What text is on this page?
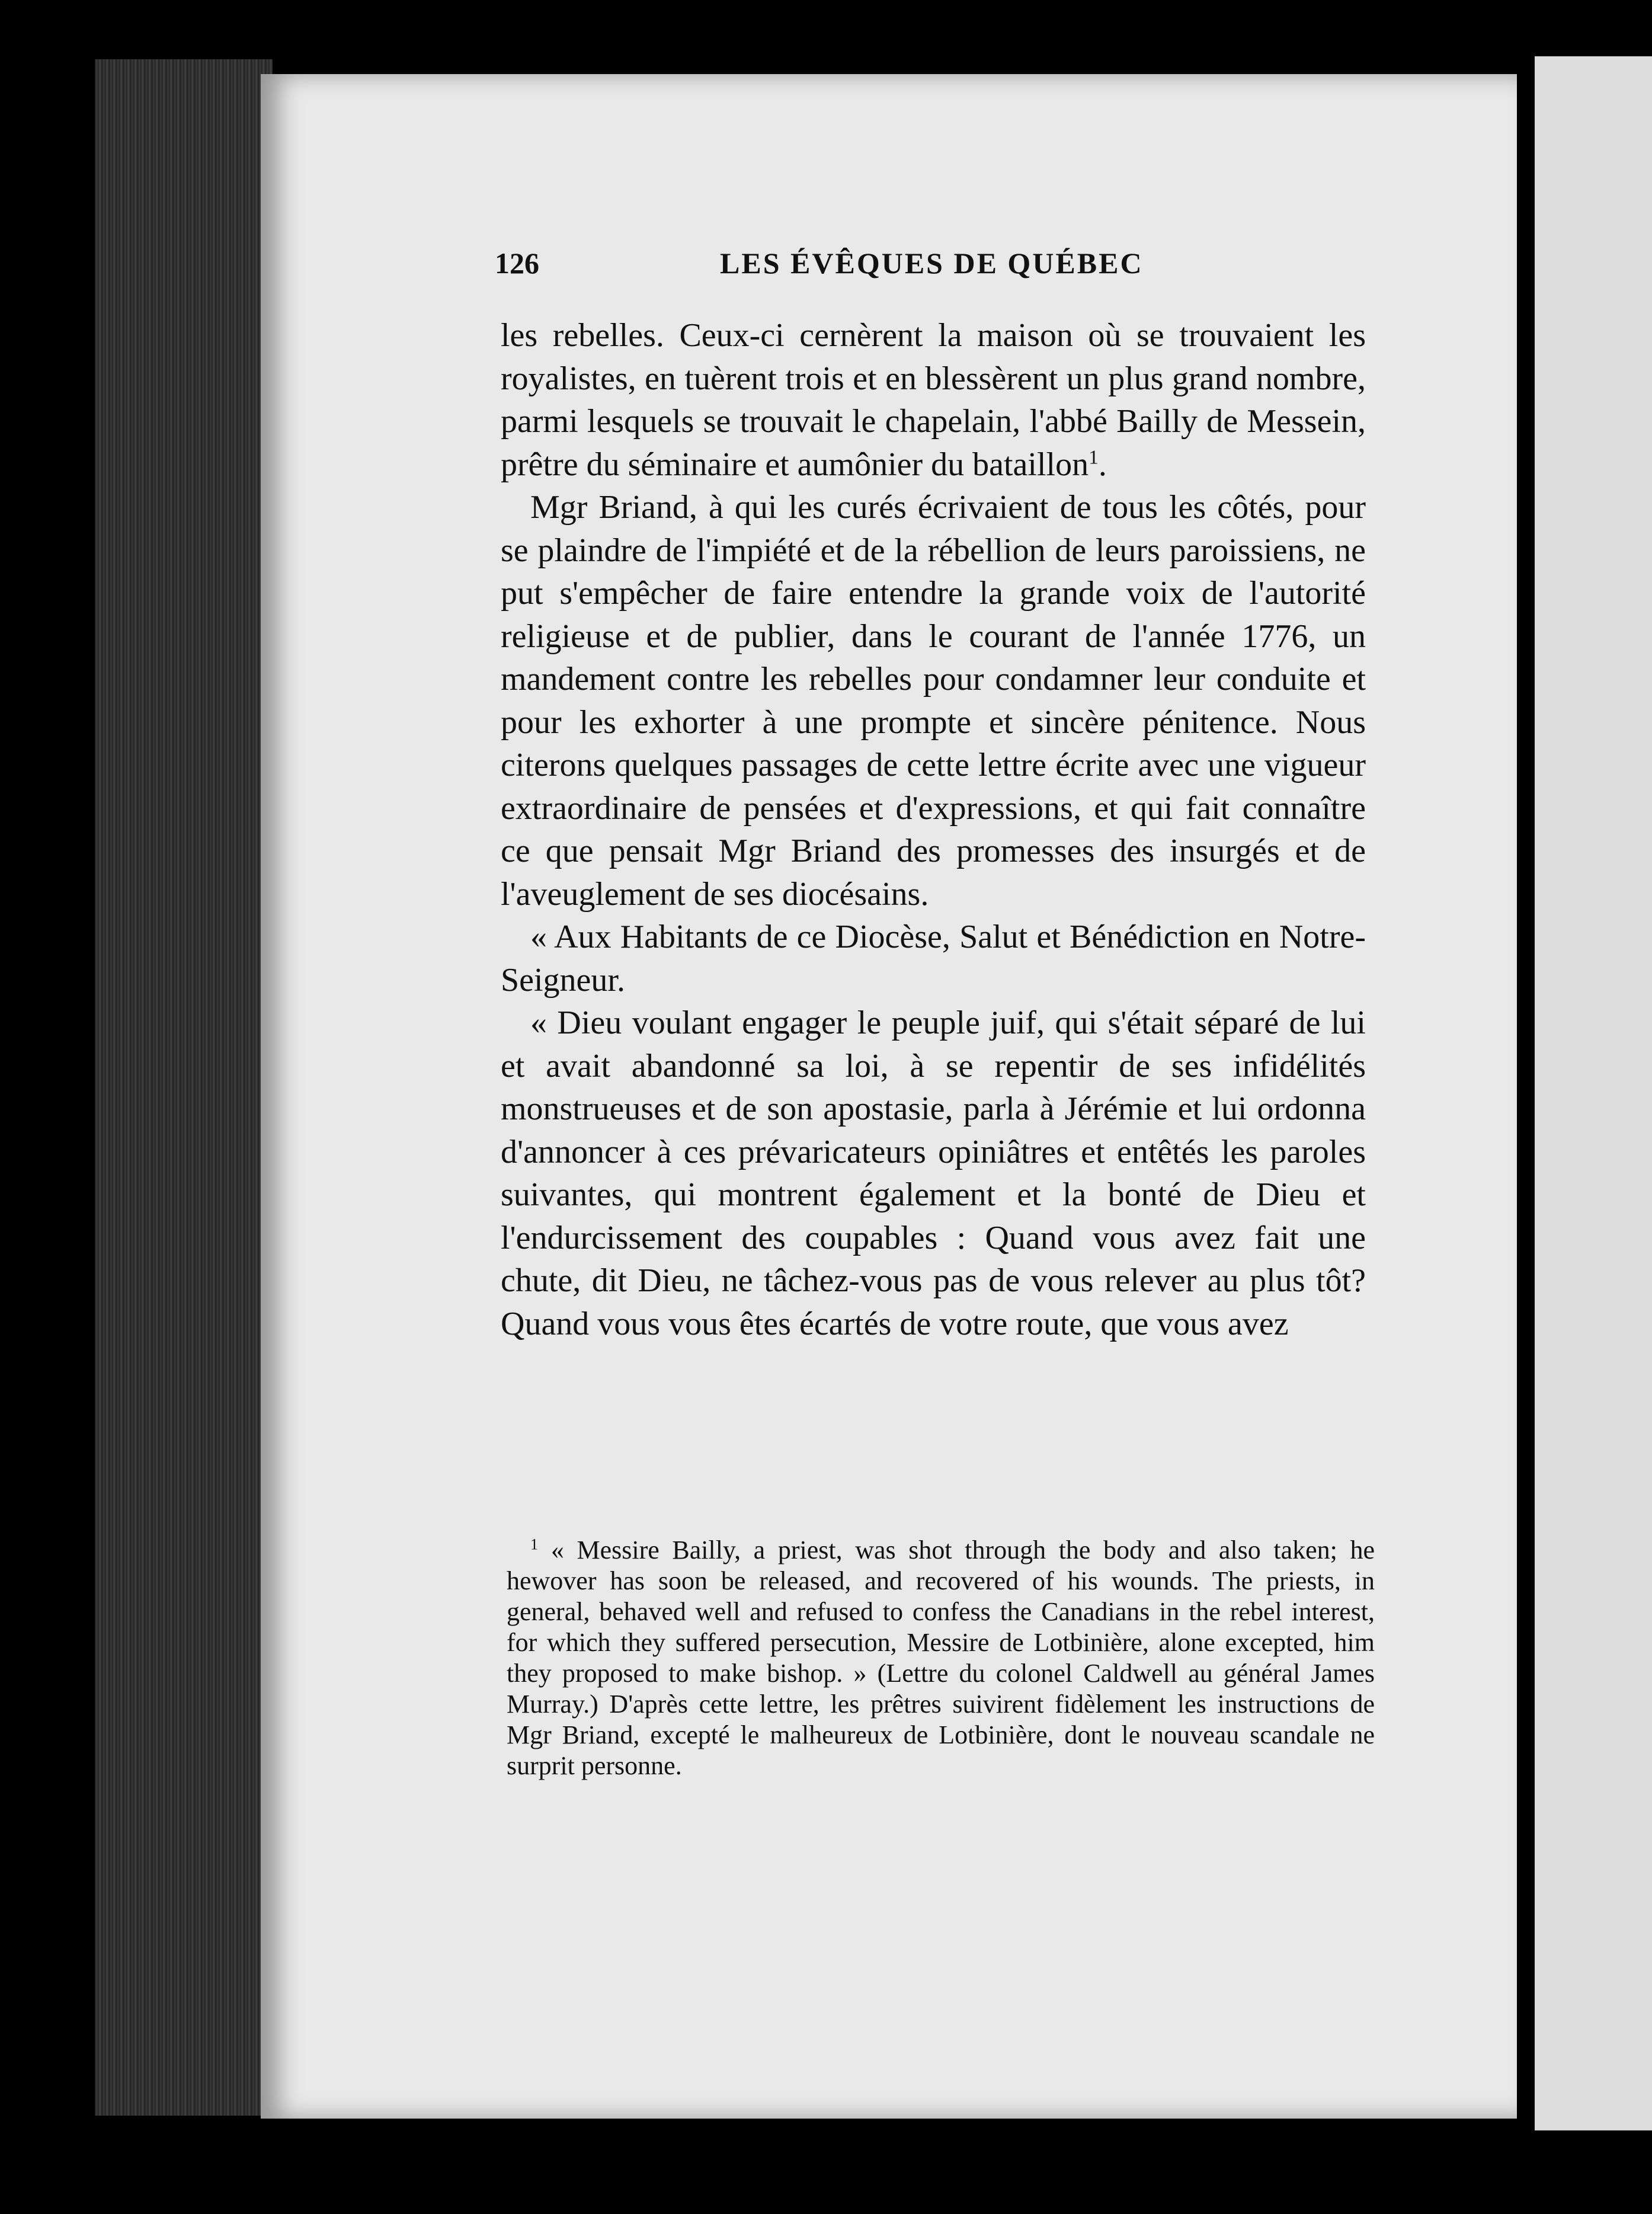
126	LES ÉVÊQUES DE QUÉBEC

les rebelles. Ceux-ci cernèrent la maison où se trouvaient les royalistes, en tuèrent trois et en blessèrent un plus grand nombre, parmi lesquels se trouvait le chapelain, l'abbé Bailly de Messein, prêtre du séminaire et aumônier du bataillon$^1$.

Mgr Briand, à qui les curés écrivaient de tous les côtés, pour se plaindre de l'impiété et de la rébellion de leurs paroissiens, ne put s'empêcher de faire entendre la grande voix de l'autorité religieuse et de publier, dans le courant de l'année 1776, un mandement contre les rebelles pour condamner leur conduite et pour les exhorter à une prompte et sincère pénitence. Nous citerons quelques passages de cette lettre écrite avec une vigueur extraordinaire de pensées et d'expressions, et qui fait connaître ce que pensait Mgr Briand des promesses des insurgés et de l'aveuglement de ses diocésains.

« Aux Habitants de ce Diocèse, Salut et Bénédiction en Notre-Seigneur.

« Dieu voulant engager le peuple juif, qui s'était séparé de lui et avait abandonné sa loi, à se repentir de ses infidélités monstrueuses et de son apostasie, parla à Jérémie et lui ordonna d'annoncer à ces prévaricateurs opiniâtres et entêtés les paroles suivantes, qui montrent également et la bonté de Dieu et l'endurcissement des coupables : Quand vous avez fait une chute, dit Dieu, ne tâchez-vous pas de vous relever au plus tôt? Quand vous vous êtes écartés de votre route, que vous avez

$^1$ « Messire Bailly, a priest, was shot through the body and also taken; he hewover has soon be released, and recovered of his wounds. The priests, in general, behaved well and refused to confess the Canadians in the rebel interest, for which they suffered persecution, Messire de Lotbinière, alone excepted, him they proposed to make bishop. » (Lettre du colonel Caldwell au général James Murray.) D'après cette lettre, les prêtres suivirent fidèlement les instructions de Mgr Briand, excepté le malheureux de Lotbinière, dont le nouveau scandale ne surprit personne.
